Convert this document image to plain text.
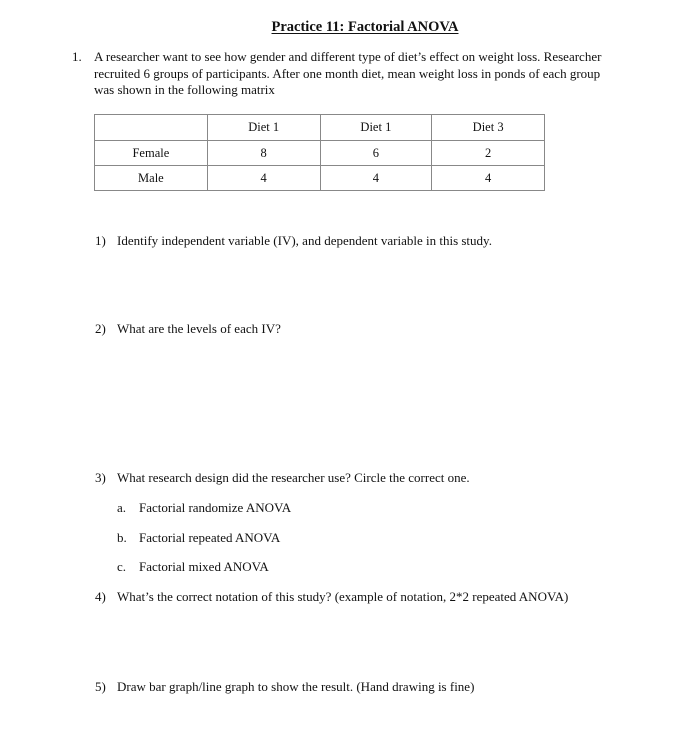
Practice 11: Factorial ANOVA
1. A researcher want to see how gender and different type of diet’s effect on weight loss. Researcher
recruited 6 groups of participants. After one month diet, mean weight loss in ponds of each group
was shown in the following matrix
	Diet 1	Diet 1	Diet 3
Female	8	6	2
Male	4	4	4
1) Identify independent variable (IV), and dependent variable in this study.
2) What are the levels of each IV?
3) What research design did the researcher use? Circle the correct one.
a. Factorial randomize ANOVA
b. Factorial repeated ANOVA
c. Factorial mixed ANOVA
4) What’s the correct notation of this study? (example of notation, 2*2 repeated ANOVA)
5) Draw bar graph/line graph to show the result. (Hand drawing is fine)
